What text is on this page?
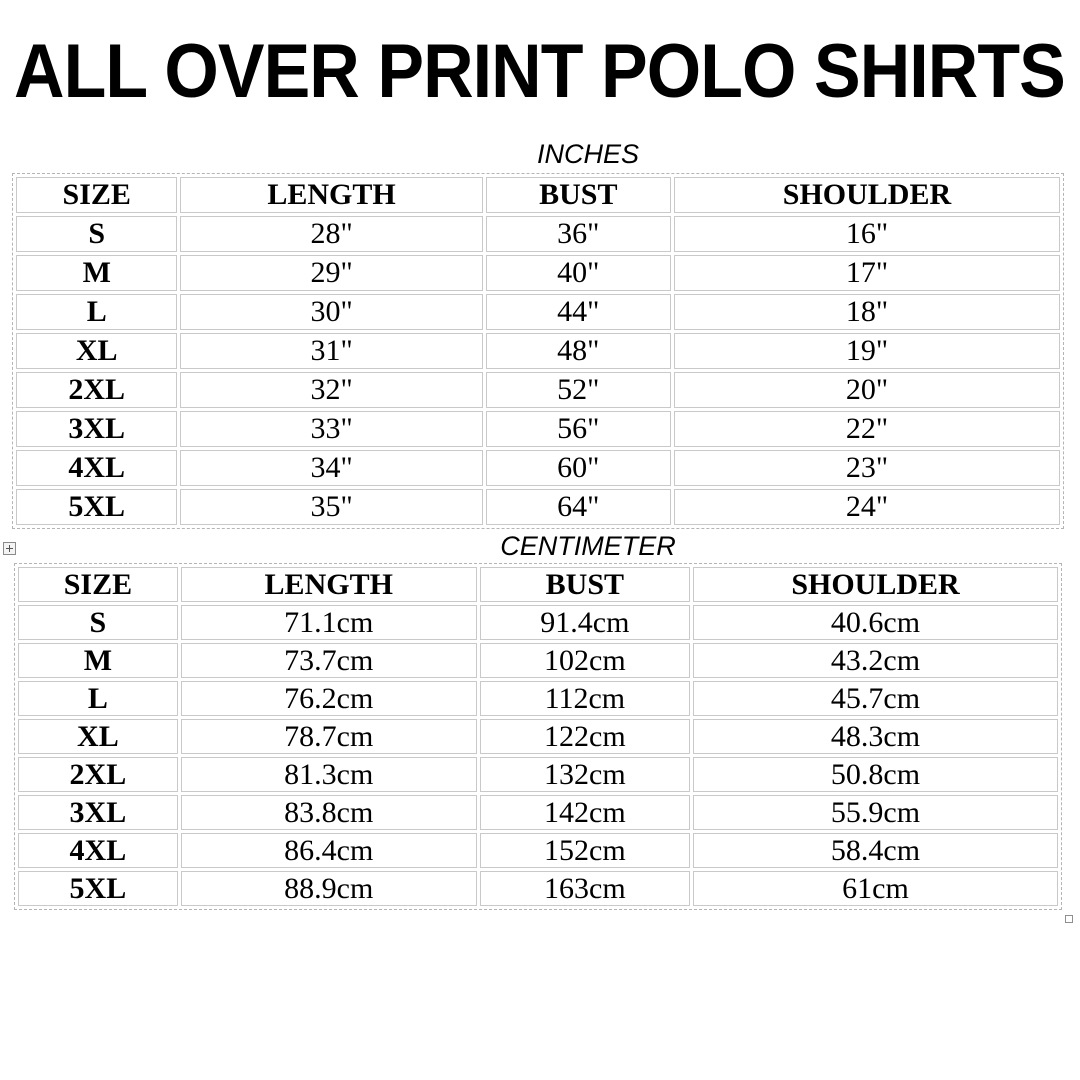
ALL OVER PRINT POLO SHIRTS
INCHES
SIZE	LENGTH	BUST	SHOULDER
S	28"	36"	16"
M	29"	40"	17"
L	30"	44"	18"
XL	31"	48"	19"
2XL	32"	52"	20"
3XL	33"	56"	22"
4XL	34"	60"	23"
5XL	35"	64"	24"
CENTIMETER
SIZE	LENGTH	BUST	SHOULDER
S	71.1cm	91.4cm	40.6cm
M	73.7cm	102cm	43.2cm
L	76.2cm	112cm	45.7cm
XL	78.7cm	122cm	48.3cm
2XL	81.3cm	132cm	50.8cm
3XL	83.8cm	142cm	55.9cm
4XL	86.4cm	152cm	58.4cm
5XL	88.9cm	163cm	61cm
